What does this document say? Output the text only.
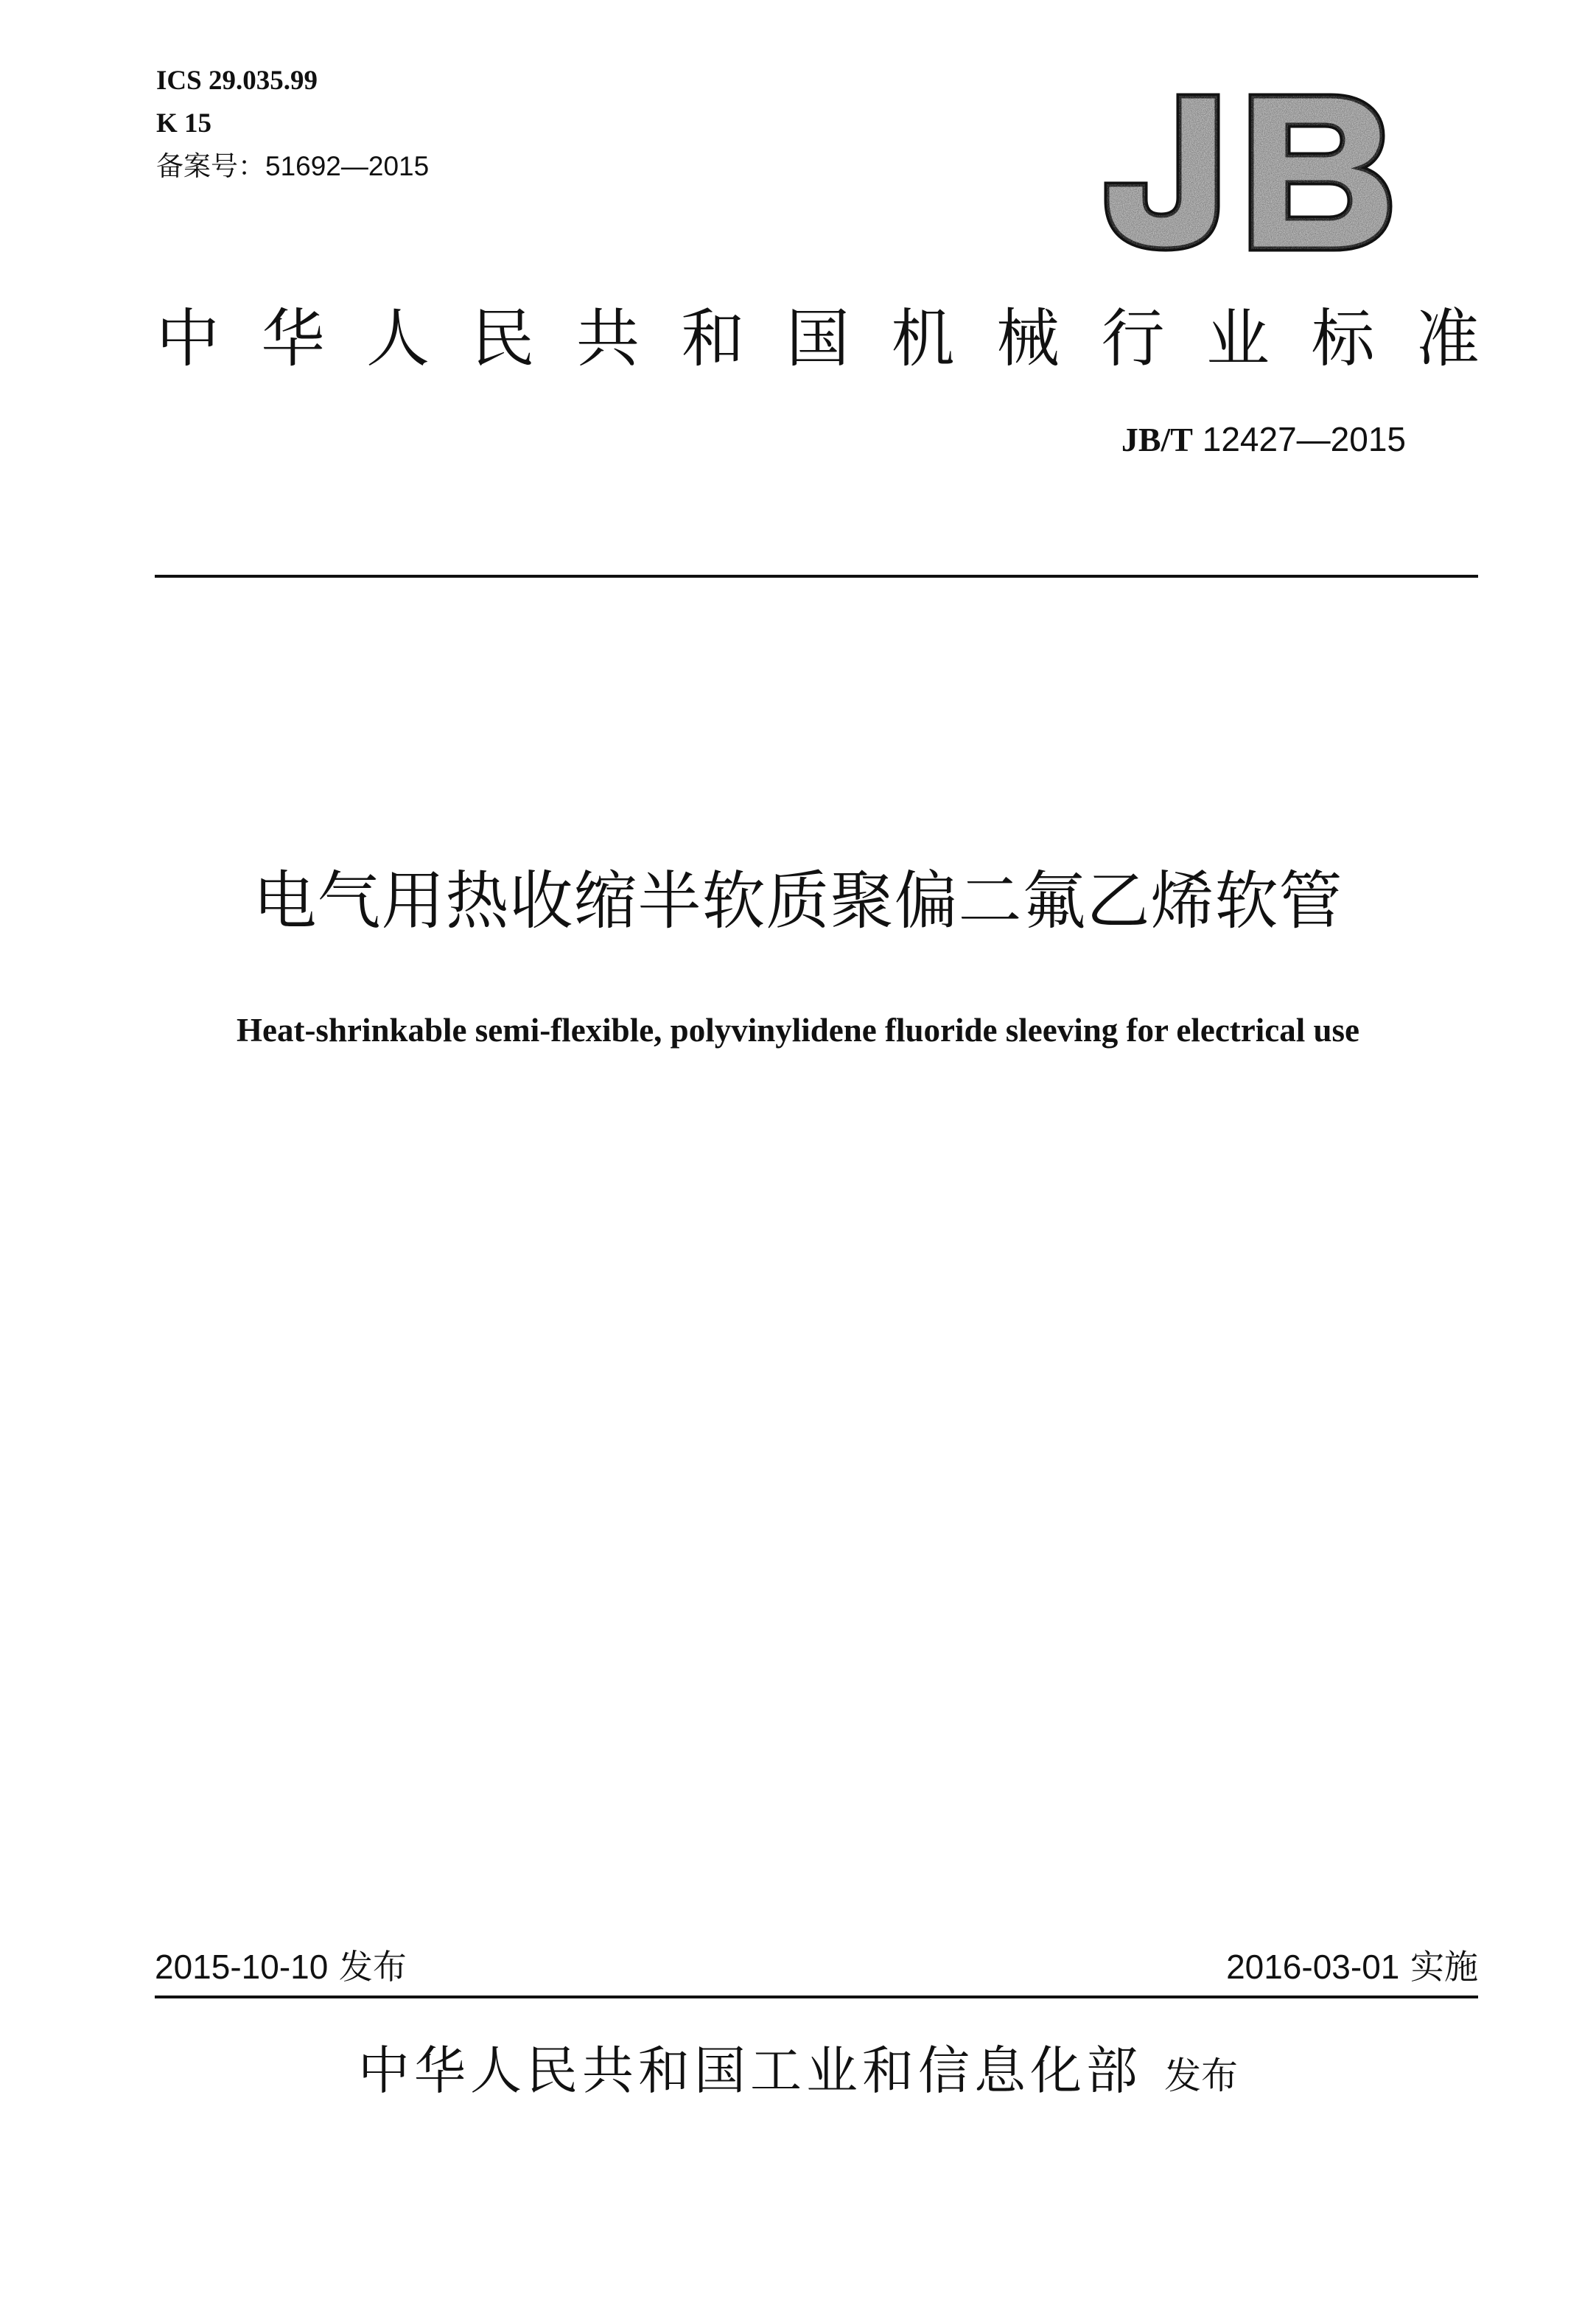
ICS 29.035.99
K 15
备案号：51692—2015
中 华 人 民 共 和 国 机 械 行 业 标 准
JB/T 12427—2015
电气用热收缩半软质聚偏二氟乙烯软管
Heat-shrinkable semi-flexible, polyvinylidene fluoride sleeving for electrical use
2015-10-10 发布	2016-03-01 实施
中华人民共和国工业和信息化部 发布
